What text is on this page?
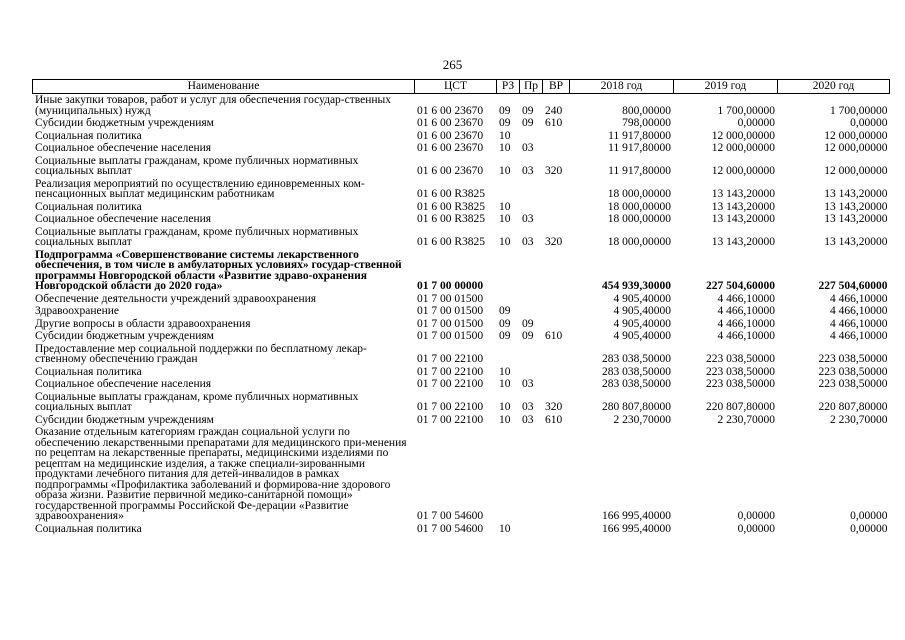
265
Наименование	ЦСТ	РЗ	Пр	ВР	2018 год	2019 год	2020 год
Иные закупки товаров, работ и услуг для обеспечения государ-ственных (муниципальных) нужд	01 6 00 23670	09	09	240	800,00000	1 700,00000	1 700,00000
Субсидии бюджетным учреждениям	01 6 00 23670	09	09	610	798,00000	0,00000	0,00000
Социальная политика	01 6 00 23670	10			11 917,80000	12 000,00000	12 000,00000
Социальное обеспечение населения	01 6 00 23670	10	03		11 917,80000	12 000,00000	12 000,00000
Социальные выплаты гражданам, кроме публичных нормативных социальных выплат	01 6 00 23670	10	03	320	11 917,80000	12 000,00000	12 000,00000
Реализация мероприятий по осуществлению единовременных ком-пенсационных выплат медицинским работникам	01 6 00 R3825				18 000,00000	13 143,20000	13 143,20000
Социальная политика	01 6 00 R3825	10			18 000,00000	13 143,20000	13 143,20000
Социальное обеспечение населения	01 6 00 R3825	10	03		18 000,00000	13 143,20000	13 143,20000
Социальные выплаты гражданам, кроме публичных нормативных социальных выплат	01 6 00 R3825	10	03	320	18 000,00000	13 143,20000	13 143,20000
Подпрограмма «Совершенствование системы лекарственного обеспечения, в том числе в амбулаторных условиях» государ-ственной программы Новгородской области «Развитие здраво-охранения Новгородской области до 2020 года»	01 7 00 00000				454 939,30000	227 504,60000	227 504,60000
Обеспечение деятельности учреждений здравоохранения	01 7 00 01500				4 905,40000	4 466,10000	4 466,10000
Здравоохранение	01 7 00 01500	09			4 905,40000	4 466,10000	4 466,10000
Другие вопросы в области здравоохранения	01 7 00 01500	09	09		4 905,40000	4 466,10000	4 466,10000
Субсидии бюджетным учреждениям	01 7 00 01500	09	09	610	4 905,40000	4 466,10000	4 466,10000
Предоставление мер социальной поддержки по бесплатному лекар-ственному обеспечению граждан	01 7 00 22100				283 038,50000	223 038,50000	223 038,50000
Социальная политика	01 7 00 22100	10			283 038,50000	223 038,50000	223 038,50000
Социальное обеспечение населения	01 7 00 22100	10	03		283 038,50000	223 038,50000	223 038,50000
Социальные выплаты гражданам, кроме публичных нормативных социальных выплат	01 7 00 22100	10	03	320	280 807,80000	220 807,80000	220 807,80000
Субсидии бюджетным учреждениям	01 7 00 22100	10	03	610	2 230,70000	2 230,70000	2 230,70000
Оказание отдельным категориям граждан социальной услуги по обеспечению лекарственными препаратами для медицинского при-менения по рецептам на лекарственные препараты, медицинскими изделиями по рецептам на медицинские изделия, а также специали-зированными продуктами лечебного питания для детей-инвалидов в рамках подпрограммы «Профилактика заболеваний и формирова-ние здорового образа жизни. Развитие первичной медико-санитарной помощи» государственной программы Российской Фе-дерации «Развитие здравоохранения»	01 7 00 54600				166 995,40000	0,00000	0,00000
Социальная политика	01 7 00 54600	10			166 995,40000	0,00000	0,00000
